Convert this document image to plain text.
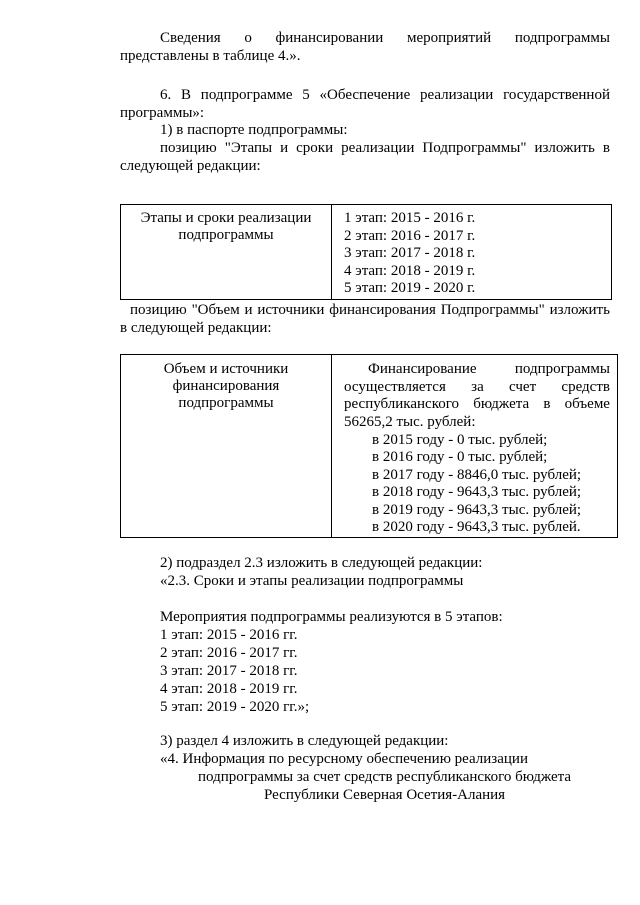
Сведения о финансировании мероприятий подпрограммы
представлены в таблице 4.».
6. В подпрограмме 5 «Обеспечение реализации государственной
программы»:
1) в паспорте подпрограммы:
позицию "Этапы и сроки реализации Подпрограммы" изложить в
следующей редакции:
Этапы и сроки реализации
подпрограммы
1 этап: 2015 - 2016 г.
2 этап: 2016 - 2017 г.
3 этап: 2017 - 2018 г.
4 этап: 2018 - 2019 г.
5 этап: 2019 - 2020 г.
позицию "Объем и источники финансирования Подпрограммы" изложить
в следующей редакции:
Объем и источники
финансирования
подпрограммы
Финансирование	подпрограммы
осуществляется за счет средств
республиканского бюджета в объеме
56265,2 тыс. рублей:
в 2015 году - 0 тыс. рублей;
в 2016 году - 0 тыс. рублей;
в 2017 году - 8846,0 тыс. рублей;
в 2018 году - 9643,3 тыс. рублей;
в 2019 году - 9643,3 тыс. рублей;
в 2020 году - 9643,3 тыс. рублей.
2) подраздел 2.3 изложить в следующей редакции:
«2.3. Сроки и этапы реализации подпрограммы
Мероприятия подпрограммы реализуются в 5 этапов:
1 этап: 2015 - 2016 гг.
2 этап: 2016 - 2017 гг.
3 этап: 2017 - 2018 гг.
4 этап: 2018 - 2019 гг.
5 этап: 2019 - 2020 гг.»;
3) раздел 4 изложить в следующей редакции:
«4. Информация по ресурсному обеспечению реализации
подпрограммы за счет средств республиканского бюджета
Республики Северная Осетия-Алания
